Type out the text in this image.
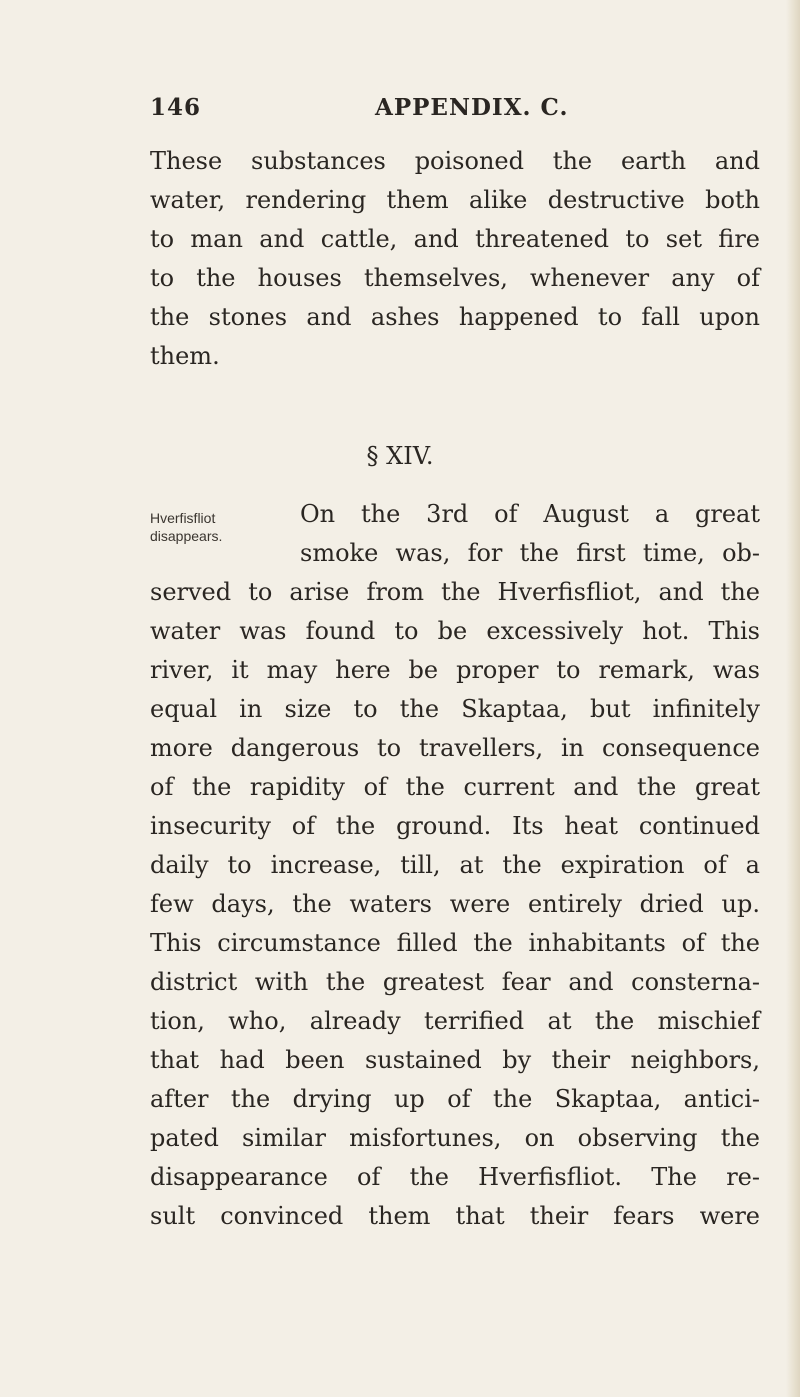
146	APPENDIX. C.
These substances poisoned the earth and
water, rendering them alike destructive both
to man and cattle, and threatened to set fire
to the houses themselves, whenever any of
the stones and ashes happened to fall upon
them.
§ XIV.
Hverfisfliot
disappears.
On the 3rd of August a great
smoke was, for the first time, ob-
served to arise from the Hverfisfliot, and the
water was found to be excessively hot. This
river, it may here be proper to remark, was
equal in size to the Skaptaa, but infinitely
more dangerous to travellers, in consequence
of the rapidity of the current and the great
insecurity of the ground. Its heat continued
daily to increase, till, at the expiration of a
few days, the waters were entirely dried up.
This circumstance filled the inhabitants of the
district with the greatest fear and consterna-
tion, who, already terrified at the mischief
that had been sustained by their neighbors,
after the drying up of the Skaptaa, antici-
pated similar misfortunes, on observing the
disappearance of the Hverfisfliot. The re-
sult convinced them that their fears were
